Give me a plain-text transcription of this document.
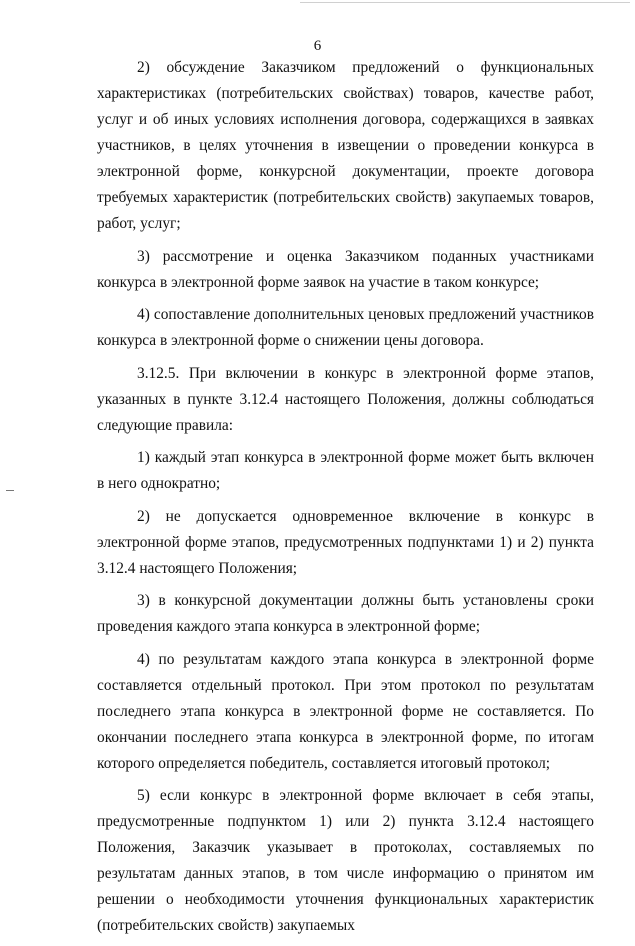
6

2) обсуждение Заказчиком предложений о функциональных характеристиках (потребительских свойствах) товаров, качестве работ, услуг и об иных условиях исполнения договора, содержащихся в заявках участников, в целях уточнения в извещении о проведении конкурса в электронной форме, конкурсной документации, проекте договора требуемых характеристик (потребительских свойств) закупаемых товаров, работ, услуг;

3) рассмотрение и оценка Заказчиком поданных участниками конкурса в электронной форме заявок на участие в таком конкурсе;

4) сопоставление дополнительных ценовых предложений участников конкурса в электронной форме о снижении цены договора.

3.12.5. При включении в конкурс в электронной форме этапов, указанных в пункте 3.12.4 настоящего Положения, должны соблюдаться следующие правила:

1) каждый этап конкурса в электронной форме может быть включен в него однократно;

2) не допускается одновременное включение в конкурс в электронной форме этапов, предусмотренных подпунктами 1) и 2) пункта 3.12.4 настоящего Положения;

3) в конкурсной документации должны быть установлены сроки проведения каждого этапа конкурса в электронной форме;

4) по результатам каждого этапа конкурса в электронной форме составляется отдельный протокол. При этом протокол по результатам последнего этапа конкурса в электронной форме не составляется. По окончании последнего этапа конкурса в электронной форме, по итогам которого определяется победитель, составляется итоговый протокол;

5) если конкурс в электронной форме включает в себя этапы, предусмотренные подпунктом 1) или 2) пункта 3.12.4 настоящего Положения, Заказчик указывает в протоколах, составляемых по результатам данных этапов, в том числе информацию о принятом им решении о необходимости уточнения функциональных характеристик (потребительских свойств) закупаемых
